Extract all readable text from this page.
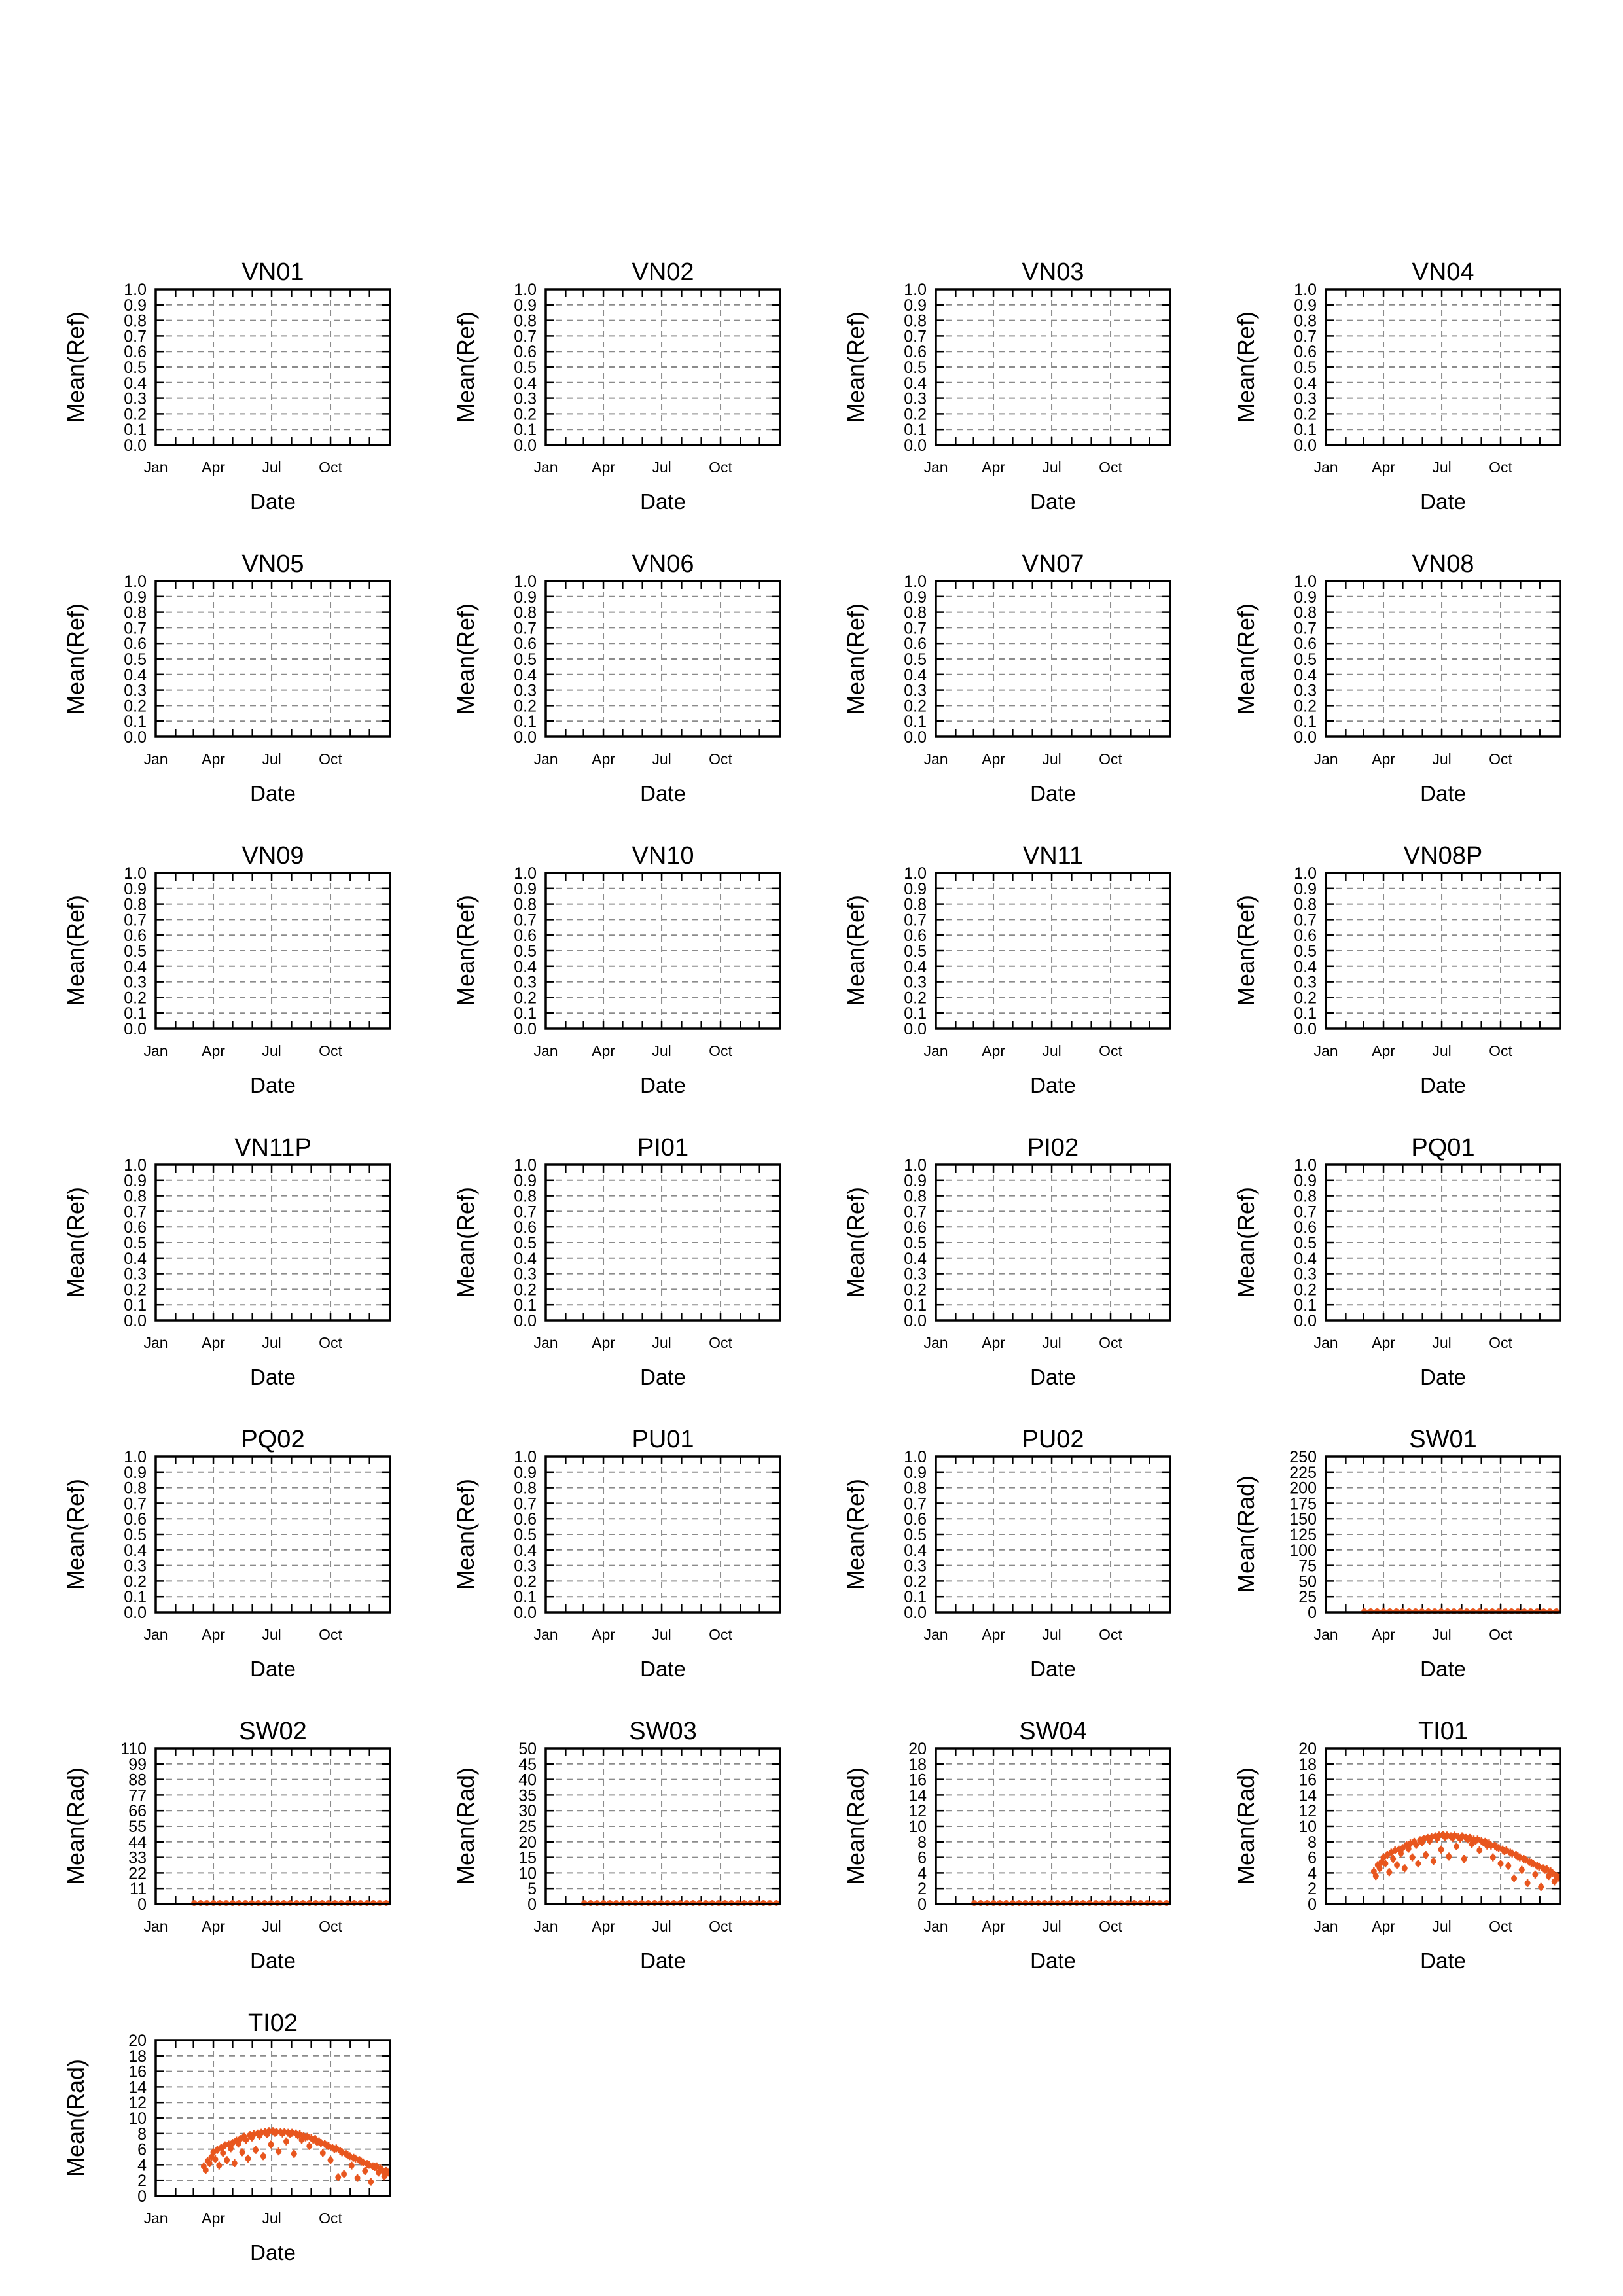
VN01
0.0
0.1
0.2
0.3
0.4
0.5
0.6
0.7
0.8
0.9
1.0
Jan Apr Jul Oct
Date
Mean(Ref)
VN02
0.0
0.1
0.2
0.3
0.4
0.5
0.6
0.7
0.8
0.9
1.0
Jan Apr Jul Oct
Date
Mean(Ref)
VN03
0.0
0.1
0.2
0.3
0.4
0.5
0.6
0.7
0.8
0.9
1.0
Jan Apr Jul Oct
Date
Mean(Ref)
VN04
0.0
0.1
0.2
0.3
0.4
0.5
0.6
0.7
0.8
0.9
1.0
Jan Apr Jul Oct
Date
Mean(Ref)
VN05
0.0
0.1
0.2
0.3
0.4
0.5
0.6
0.7
0.8
0.9
1.0
Jan Apr Jul Oct
Date
Mean(Ref)
VN06
0.0
0.1
0.2
0.3
0.4
0.5
0.6
0.7
0.8
0.9
1.0
Jan Apr Jul Oct
Date
Mean(Ref)
VN07
0.0
0.1
0.2
0.3
0.4
0.5
0.6
0.7
0.8
0.9
1.0
Jan Apr Jul Oct
Date
Mean(Ref)
VN08
0.0
0.1
0.2
0.3
0.4
0.5
0.6
0.7
0.8
0.9
1.0
Jan Apr Jul Oct
Date
Mean(Ref)
VN09
0.0
0.1
0.2
0.3
0.4
0.5
0.6
0.7
0.8
0.9
1.0
Jan Apr Jul Oct
Date
Mean(Ref)
VN10
0.0
0.1
0.2
0.3
0.4
0.5
0.6
0.7
0.8
0.9
1.0
Jan Apr Jul Oct
Date
Mean(Ref)
VN11
0.0
0.1
0.2
0.3
0.4
0.5
0.6
0.7
0.8
0.9
1.0
Jan Apr Jul Oct
Date
Mean(Ref)
VN08P
0.0
0.1
0.2
0.3
0.4
0.5
0.6
0.7
0.8
0.9
1.0
Jan Apr Jul Oct
Date
Mean(Ref)
VN11P
0.0
0.1
0.2
0.3
0.4
0.5
0.6
0.7
0.8
0.9
1.0
Jan Apr Jul Oct
Date
Mean(Ref)
PI01
0.0
0.1
0.2
0.3
0.4
0.5
0.6
0.7
0.8
0.9
1.0
Jan Apr Jul Oct
Date
Mean(Ref)
PI02
0.0
0.1
0.2
0.3
0.4
0.5
0.6
0.7
0.8
0.9
1.0
Jan Apr Jul Oct
Date
Mean(Ref)
PQ01
0.0
0.1
0.2
0.3
0.4
0.5
0.6
0.7
0.8
0.9
1.0
Jan Apr Jul Oct
Date
Mean(Ref)
PQ02
0.0
0.1
0.2
0.3
0.4
0.5
0.6
0.7
0.8
0.9
1.0
Jan Apr Jul Oct
Date
Mean(Ref)
PU01
0.0
0.1
0.2
0.3
0.4
0.5
0.6
0.7
0.8
0.9
1.0
Jan Apr Jul Oct
Date
Mean(Ref)
PU02
0.0
0.1
0.2
0.3
0.4
0.5
0.6
0.7
0.8
0.9
1.0
Jan Apr Jul Oct
Date
Mean(Ref)
SW01
0
25
50
75
100
125
150
175
200
225
250
Jan Apr Jul Oct
Date
Mean(Rad)
SW02
0
11
22
33
44
55
66
77
88
99
110
Jan Apr Jul Oct
Date
Mean(Rad)
SW03
0
5
10
15
20
25
30
35
40
45
50
Jan Apr Jul Oct
Date
Mean(Rad)
SW04
0
2
4
6
8
10
12
14
16
18
20
Jan Apr Jul Oct
Date
Mean(Rad)
TI01
0
2
4
6
8
10
12
14
16
18
20
Jan Apr Jul Oct
Date
Mean(Rad)
TI02
0
2
4
6
8
10
12
14
16
18
20
Jan Apr Jul Oct
Date
Mean(Rad)
